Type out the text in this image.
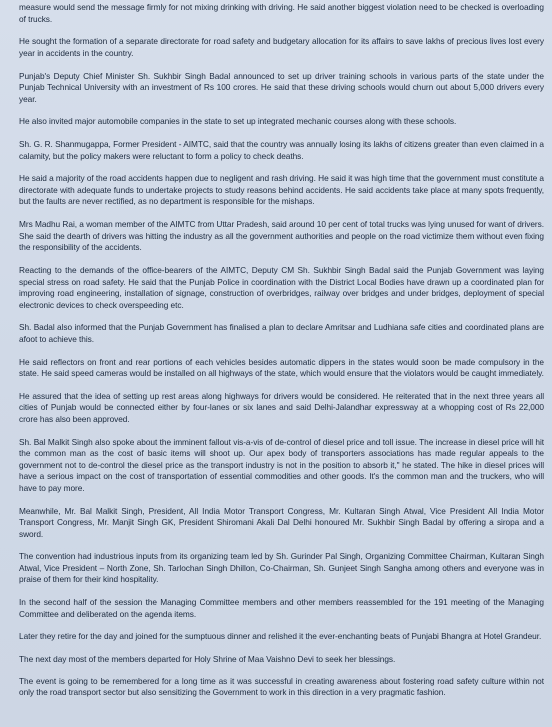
measure would send the message firmly for not mixing drinking with driving. He said another biggest violation need to be checked is overloading of trucks.

He sought the formation of a separate directorate for road safety and budgetary allocation for its affairs to save lakhs of precious lives lost every year in accidents in the country.

Punjab's Deputy Chief Minister Sh. Sukhbir Singh Badal announced to set up driver training schools in various parts of the state under the Punjab Technical University with an investment of Rs 100 crores. He said that these driving schools would churn out about 5,000 drivers every year.

He also invited major automobile companies in the state to set up integrated mechanic courses along with these schools.

Sh. G. R. Shanmugappa, Former President - AIMTC, said that the country was annually losing its lakhs of citizens greater than even claimed in a calamity, but the policy makers were reluctant to form a policy to check deaths.

He said a majority of the road accidents happen due to negligent and rash driving. He said it was high time that the government must constitute a directorate with adequate funds to undertake projects to study reasons behind accidents. He said accidents take place at many spots frequently, but the faults are never rectified, as no department is responsible for the mishaps.

Mrs Madhu Rai, a woman member of the AIMTC from Uttar Pradesh, said around 10 per cent of total trucks was lying unused for want of drivers. She said the dearth of drivers was hitting the industry as all the government authorities and people on the road victimize them without even fixing the responsibility of the accidents.

Reacting to the demands of the office-bearers of the AIMTC, Deputy CM Sh. Sukhbir Singh Badal said the Punjab Government was laying special stress on road safety. He said that the Punjab Police in coordination with the District Local Bodies have drawn up a coordinated plan for improving road engineering, installation of signage, construction of overbridges, railway over bridges and under bridges, deployment of special electronic devices to check overspeeding etc.

Sh. Badal also informed that the Punjab Government has finalised a plan to declare Amritsar and Ludhiana safe cities and coordinated plans are afoot to achieve this.

He said reflectors on front and rear portions of each vehicles besides automatic dippers in the states would soon be made compulsory in the state. He said speed cameras would be installed on all highways of the state, which would ensure that the violators would be caught immediately.

He assured that the idea of setting up rest areas along highways for drivers would be considered. He reiterated that in the next three years all cities of Punjab would be connected either by four-lanes or six lanes and said Delhi-Jalandhar expressway at a whopping cost of Rs 22,000 crore has also been approved.

Sh. Bal Malkit Singh also spoke about the imminent fallout vis-a-vis of de-control of diesel price and toll issue. The increase in diesel price will hit the common man as the cost of basic items will shoot up. Our apex body of transporters associations has made regular appeals to the government not to de-control the diesel price as the transport industry is not in the position to absorb it," he stated. The hike in diesel prices will have a serious impact on the cost of transportation of essential commodities and other goods. It's the common man and the truckers, who will have to pay more.

Meanwhile, Mr. Bal Malkit Singh, President, All India Motor Transport Congress, Mr. Kultaran Singh Atwal, Vice President All India Motor Transport Congress, Mr. Manjit Singh GK, President Shiromani Akali Dal Delhi honoured Mr. Sukhbir Singh Badal by offering a siropa and a sword.

The convention had industrious inputs from its organizing team led by Sh. Gurinder Pal Singh, Organizing Committee Chairman, Kultaran Singh Atwal, Vice President – North Zone, Sh. Tarlochan Singh Dhillon, Co-Chairman, Sh. Gunjeet Singh Sangha among others and everyone was in praise of them for their kind hospitality.

In the second half of the session the Managing Committee members and other members reassembled for the 191 meeting of the Managing Committee and deliberated on the agenda items.

Later they retire for the day and joined for the sumptuous dinner and relished it the ever-enchanting beats of Punjabi Bhangra at Hotel Grandeur.

The next day most of the members departed for Holy Shrine of Maa Vaishno Devi to seek her blessings.

The event is going to be remembered for a long time as it was successful in creating awareness about fostering road safety culture within not only the road transport sector but also sensitizing the Government to work in this direction in a very pragmatic fashion.
